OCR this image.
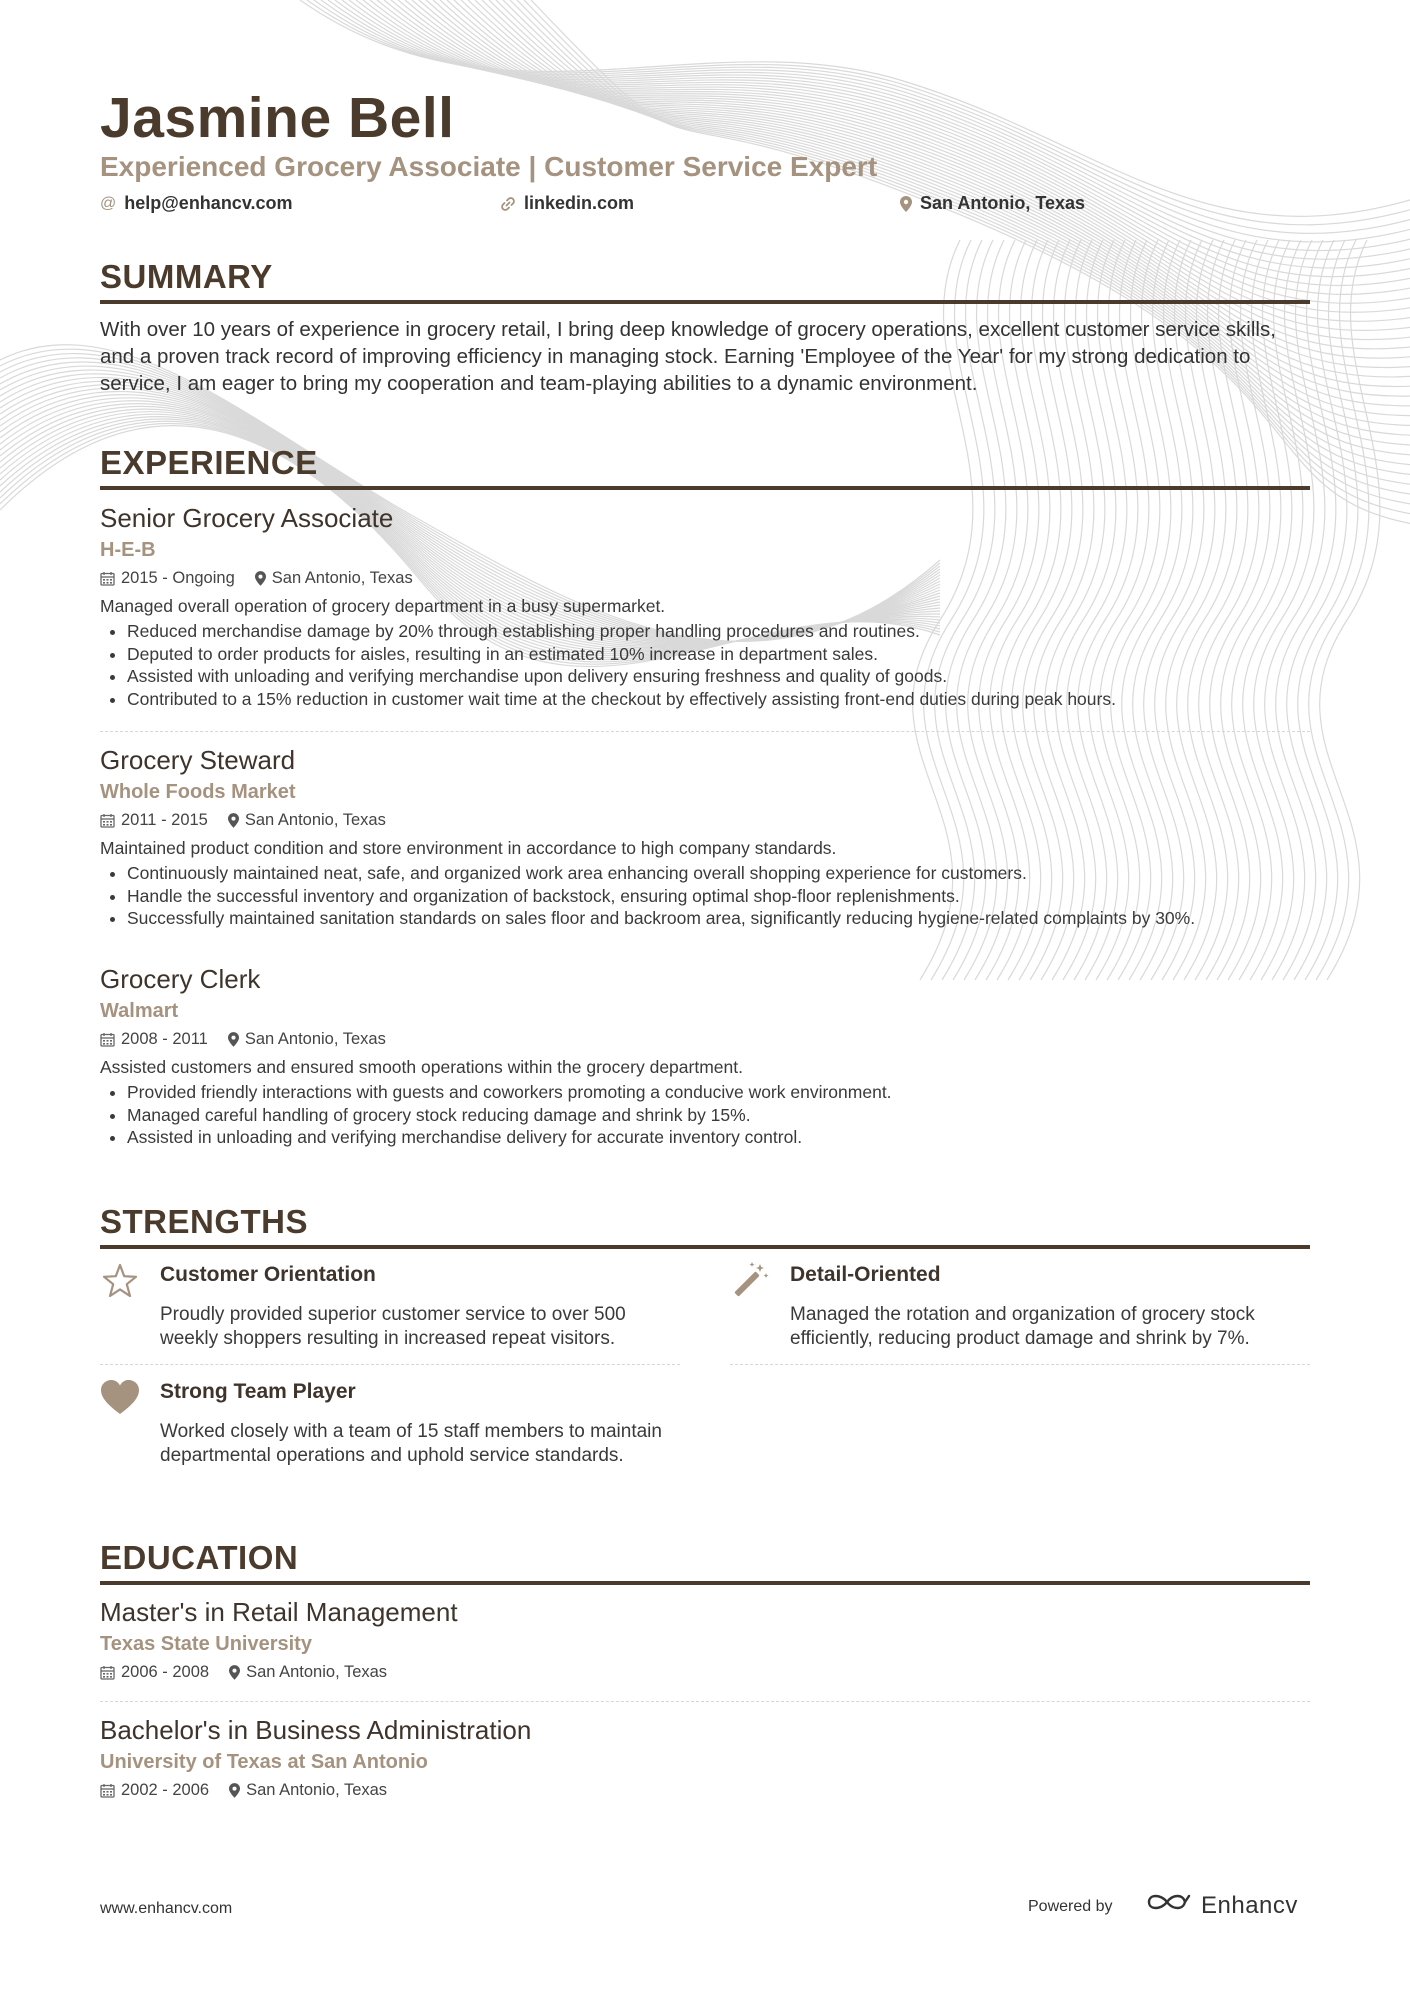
Jasmine Bell
Experienced Grocery Associate | Customer Service Expert
@ help@enhancv.com	linkedin.com	San Antonio, Texas
SUMMARY

With over 10 years of experience in grocery retail, I bring deep knowledge of grocery operations, excellent customer service skills, and a proven track record of improving efficiency in managing stock. Earning 'Employee of the Year' for my strong dedication to service, I am eager to bring my cooperation and team-playing abilities to a dynamic environment.

EXPERIENCE
Senior Grocery Associate
H-E-B
2015 - Ongoing San Antonio, Texas
Managed overall operation of grocery department in a busy supermarket.
• Reduced merchandise damage by 20% through establishing proper handling procedures and routines.
• Deputed to order products for aisles, resulting in an estimated 10% increase in department sales.
• Assisted with unloading and verifying merchandise upon delivery ensuring freshness and quality of goods.
• Contributed to a 15% reduction in customer wait time at the checkout by effectively assisting front-end duties during peak hours.
Grocery Steward
Whole Foods Market
2011 - 2015 San Antonio, Texas
Maintained product condition and store environment in accordance to high company standards.
• Continuously maintained neat, safe, and organized work area enhancing overall shopping experience for customers.
• Handle the successful inventory and organization of backstock, ensuring optimal shop-floor replenishments.
• Successfully maintained sanitation standards on sales floor and backroom area, significantly reducing hygiene-related complaints by 30%.
Grocery Clerk
Walmart
2008 - 2011 San Antonio, Texas
Assisted customers and ensured smooth operations within the grocery department.
• Provided friendly interactions with guests and coworkers promoting a conducive work environment.
• Managed careful handling of grocery stock reducing damage and shrink by 15%.
• Assisted in unloading and verifying merchandise delivery for accurate inventory control.
STRENGTHS
Customer Orientation
Proudly provided superior customer service to over 500 weekly shoppers resulting in increased repeat visitors.
Detail-Oriented
Managed the rotation and organization of grocery stock efficiently, reducing product damage and shrink by 7%.
Strong Team Player
Worked closely with a team of 15 staff members to maintain departmental operations and uphold service standards.
EDUCATION
Master's in Retail Management
Texas State University
2006 - 2008 San Antonio, Texas
Bachelor's in Business Administration
University of Texas at San Antonio
2002 - 2006 San Antonio, Texas
www.enhancv.com	Powered by	Enhancv
